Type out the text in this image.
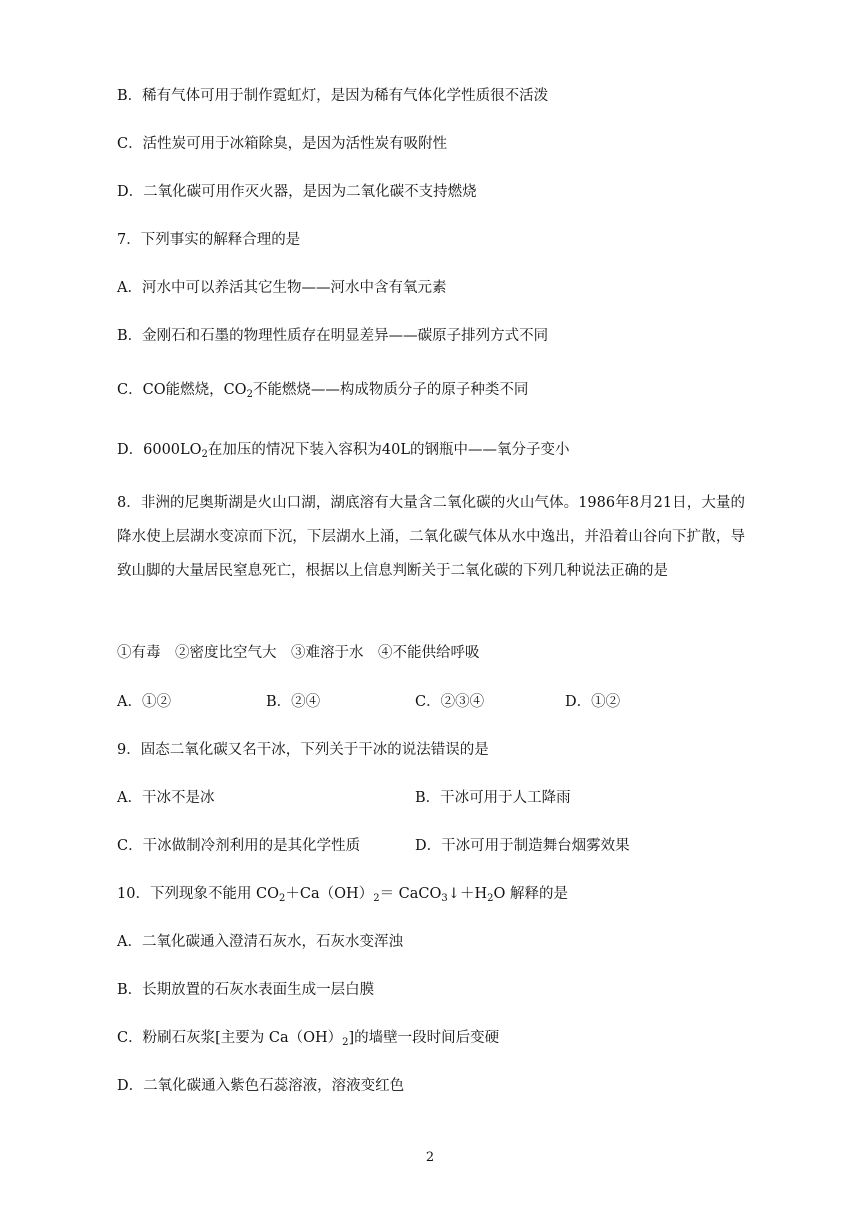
B．稀有气体可用于制作霓虹灯，是因为稀有气体化学性质很不活泼
C．活性炭可用于冰箱除臭，是因为活性炭有吸附性
D．二氧化碳可用作灭火器，是因为二氧化碳不支持燃烧
7．下列事实的解释合理的是
A．河水中可以养活其它生物——河水中含有氧元素
B．金刚石和石墨的物理性质存在明显差异——碳原子排列方式不同
C．CO能燃烧，$CO_2$不能燃烧——构成物质分子的原子种类不同
D．$6000LO_2$在加压的情况下装入容积为40L的钢瓶中——氧分子变小
8．非洲的尼奥斯湖是火山口湖，湖底溶有大量含二氧化碳的火山气体。1986年8月21日，大量的降水使上层湖水变凉而下沉，下层湖水上涌，二氧化碳气体从水中逸出，并沿着山谷向下扩散，导致山脚的大量居民窒息死亡，根据以上信息判断关于二氧化碳的下列几种说法正确的是
①有毒　②密度比空气大　③难溶于水　④不能供给呼吸
A．①②	B．②④	C．②③④	D．①②
9．固态二氧化碳又名干冰，下列关于干冰的说法错误的是
A．干冰不是冰	B．干冰可用于人工降雨
C．干冰做制冷剂利用的是其化学性质	D．干冰可用于制造舞台烟雾效果
10．下列现象不能用 $CO_2+Ca(OH)_2=$ $CaCO_3↓+H_2O$ 解释的是
A．二氧化碳通入澄清石灰水，石灰水变浑浊
B．长期放置的石灰水表面生成一层白膜
C．粉刷石灰浆[主要为 $Ca(OH)_2$]的墙壁一段时间后变硬
D．二氧化碳通入紫色石蕊溶液，溶液变红色
2
